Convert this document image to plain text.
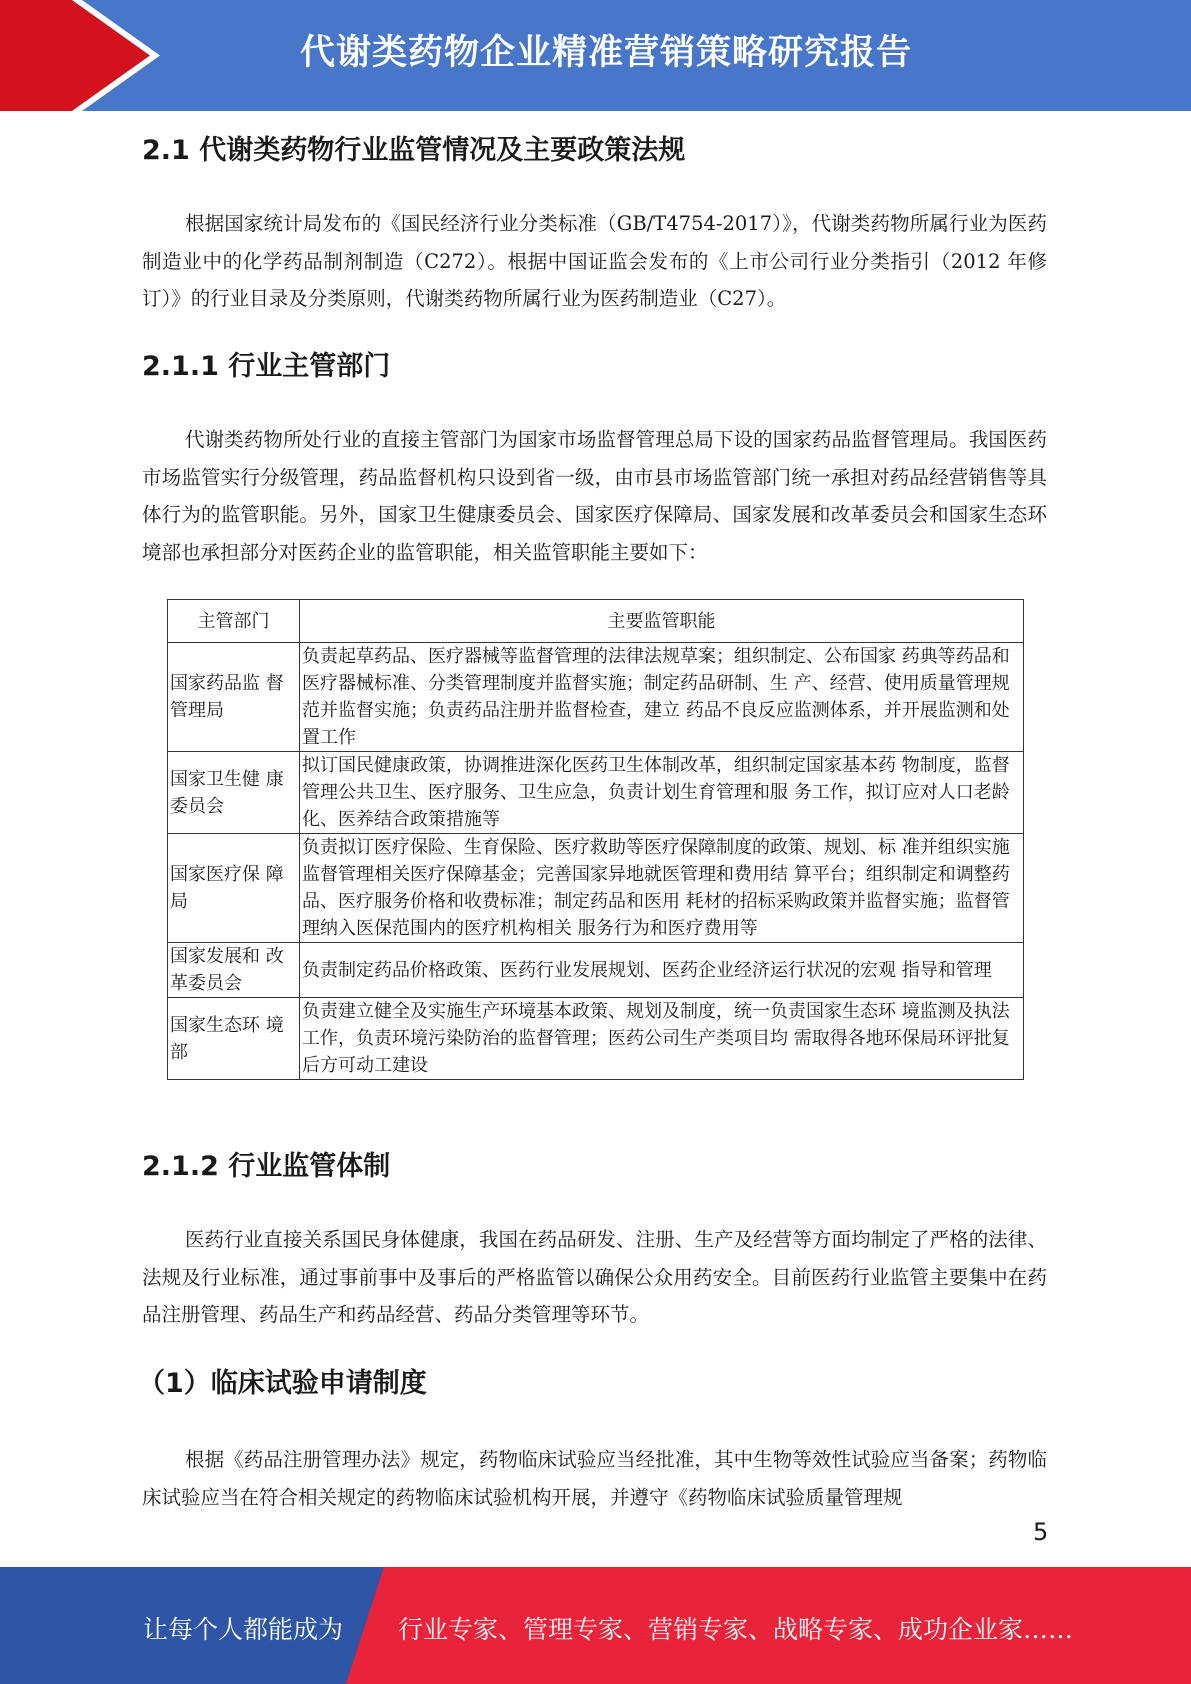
代谢类药物企业精准营销策略研究报告
2.1 代谢类药物行业监管情况及主要政策法规

根据国家统计局发布的《国民经济行业分类标准（GB/T4754-2017）》，代谢类药物所属行业为医药制造业中的化学药品制剂制造（C272）。根据中国证监会发布的《上市公司行业分类指引（2012 年修订）》的行业目录及分类原则，代谢类药物所属行业为医药制造业（C27）。

2.1.1 行业主管部门

代谢类药物所处行业的直接主管部门为国家市场监督管理总局下设的国家药品监督管理局。我国医药市场监管实行分级管理，药品监督机构只设到省一级，由市县市场监管部门统一承担对药品经营销售等具体行为的监管职能。另外，国家卫生健康委员会、国家医疗保障局、国家发展和改革委员会和国家生态环境部也承担部分对医药企业的监管职能，相关监管职能主要如下：

主管部门	主要监管职能
国家药品监 督管理局	负责起草药品、医疗器械等监督管理的法律法规草案；组织制定、公布国家 药典等药品和医疗器械标准、分类管理制度并监督实施；制定药品研制、生 产、经营、使用质量管理规范并监督实施；负责药品注册并监督检查，建立 药品不良反应监测体系，并开展监测和处置工作
国家卫生健 康委员会	拟订国民健康政策，协调推进深化医药卫生体制改革，组织制定国家基本药 物制度，监督管理公共卫生、医疗服务、卫生应急，负责计划生育管理和服 务工作，拟订应对人口老龄化、医养结合政策措施等
国家医疗保 障局	负责拟订医疗保险、生育保险、医疗救助等医疗保障制度的政策、规划、标 准并组织实施监督管理相关医疗保障基金；完善国家异地就医管理和费用结 算平台；组织制定和调整药品、医疗服务价格和收费标准；制定药品和医用 耗材的招标采购政策并监督实施；监督管理纳入医保范围内的医疗机构相关 服务行为和医疗费用等
国家发展和 改革委员会	负责制定药品价格政策、医药行业发展规划、医药企业经济运行状况的宏观 指导和管理
国家生态环 境部	负责建立健全及实施生产环境基本政策、规划及制度，统一负责国家生态环 境监测及执法工作，负责环境污染防治的监督管理；医药公司生产类项目均 需取得各地环保局环评批复后方可动工建设
2.1.2 行业监管体制

医药行业直接关系国民身体健康，我国在药品研发、注册、生产及经营等方面均制定了严格的法律、法规及行业标准，通过事前事中及事后的严格监管以确保公众用药安全。目前医药行业监管主要集中在药品注册管理、药品生产和药品经营、药品分类管理等环节。

（1）临床试验申请制度

根据《药品注册管理办法》规定，药物临床试验应当经批准，其中生物等效性试验应当备案；药物临床试验应当在符合相关规定的药物临床试验机构开展，并遵守《药物临床试验质量管理规

5
让每个人都能成为 行业专家、管理专家、营销专家、战略专家、成功企业家……
